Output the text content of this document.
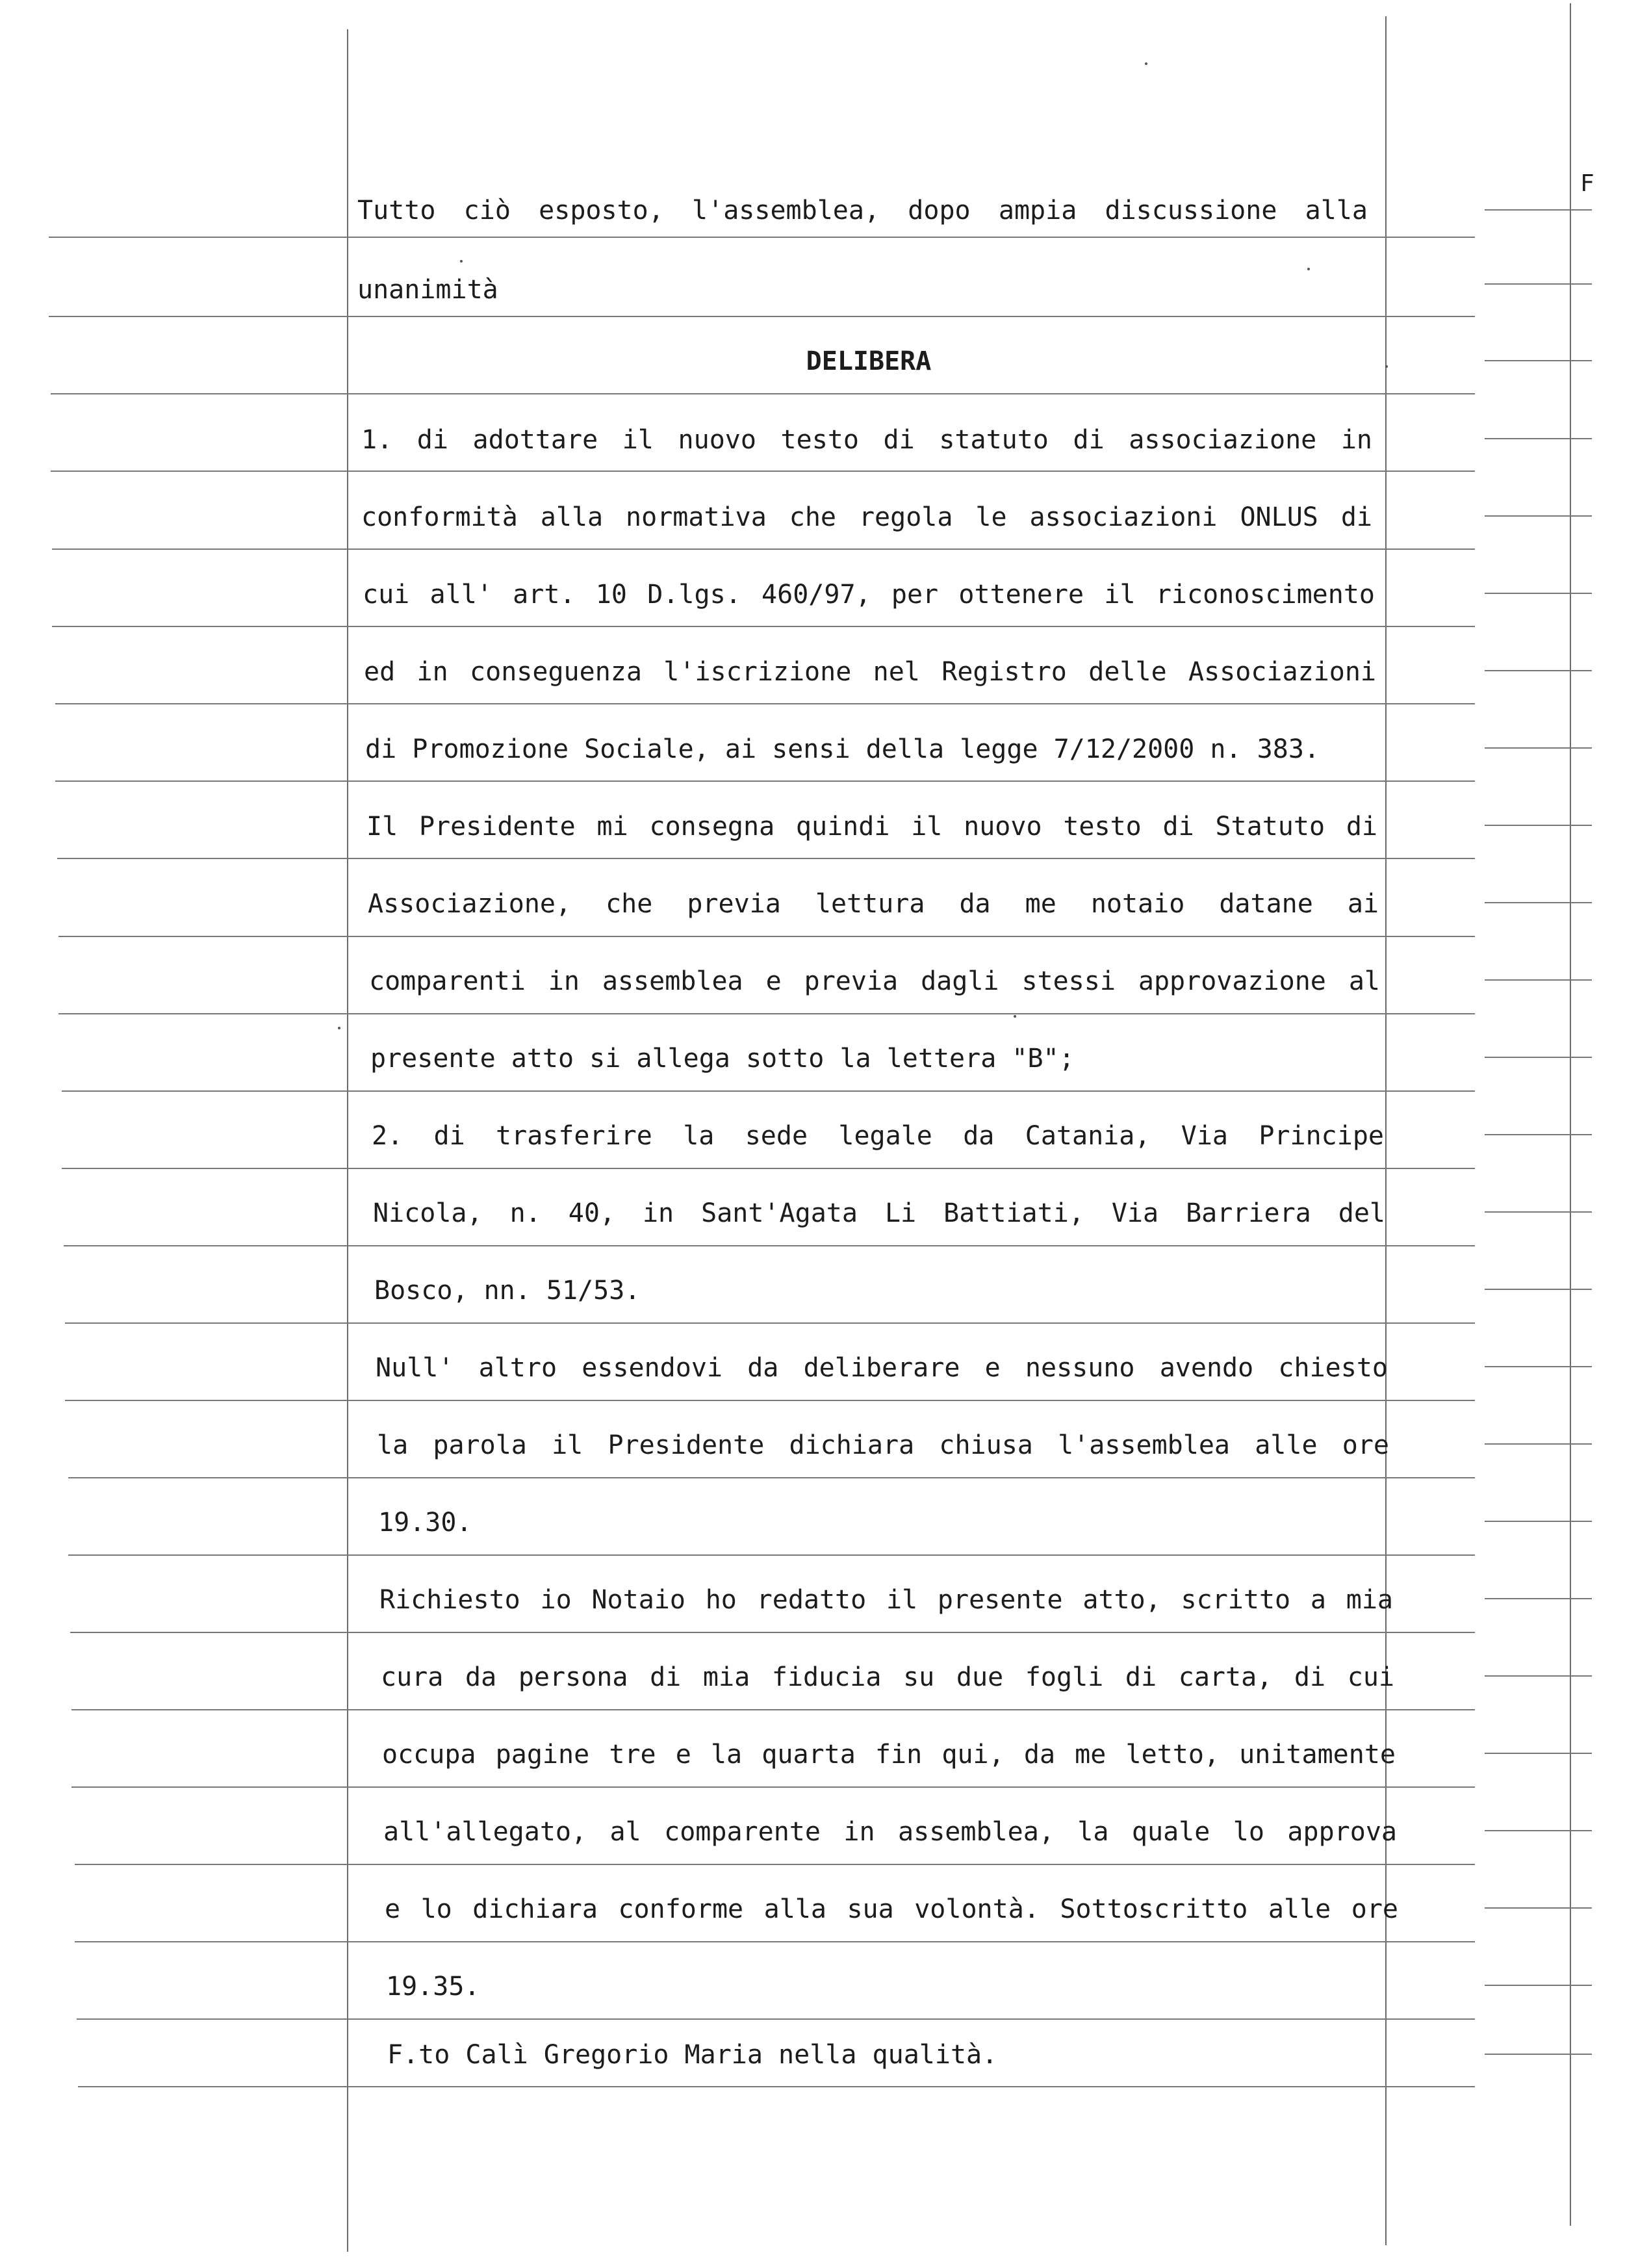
F
Tutto ciò esposto, l'assemblea, dopo ampia discussione alla
unanimità
DELIBERA
1. di adottare il nuovo testo di statuto di associazione in
conformità alla normativa che regola le associazioni ONLUS di
cui all' art. 10 D.lgs. 460/97, per ottenere il riconoscimento
ed in conseguenza l'iscrizione nel Registro delle Associazioni
di Promozione Sociale, ai sensi della legge 7/12/2000 n. 383.
Il Presidente mi consegna quindi il nuovo testo di Statuto di
Associazione, che previa lettura da me notaio datane ai
comparenti in assemblea e previa dagli stessi approvazione al
presente atto si allega sotto la lettera "B";
2. di trasferire la sede legale da Catania, Via Principe
Nicola, n. 40, in Sant'Agata Li Battiati, Via Barriera del
Bosco, nn. 51/53.
Null' altro essendovi da deliberare e nessuno avendo chiesto
la parola il Presidente dichiara chiusa l'assemblea alle ore
19.30.
Richiesto io Notaio ho redatto il presente atto, scritto a mia
cura da persona di mia fiducia su due fogli di carta, di cui
occupa pagine tre e la quarta fin qui, da me letto, unitamente
all'allegato, al comparente in assemblea, la quale lo approva
e lo dichiara conforme alla sua volontà. Sottoscritto alle ore
19.35.
F.to Calì Gregorio Maria nella qualità.
